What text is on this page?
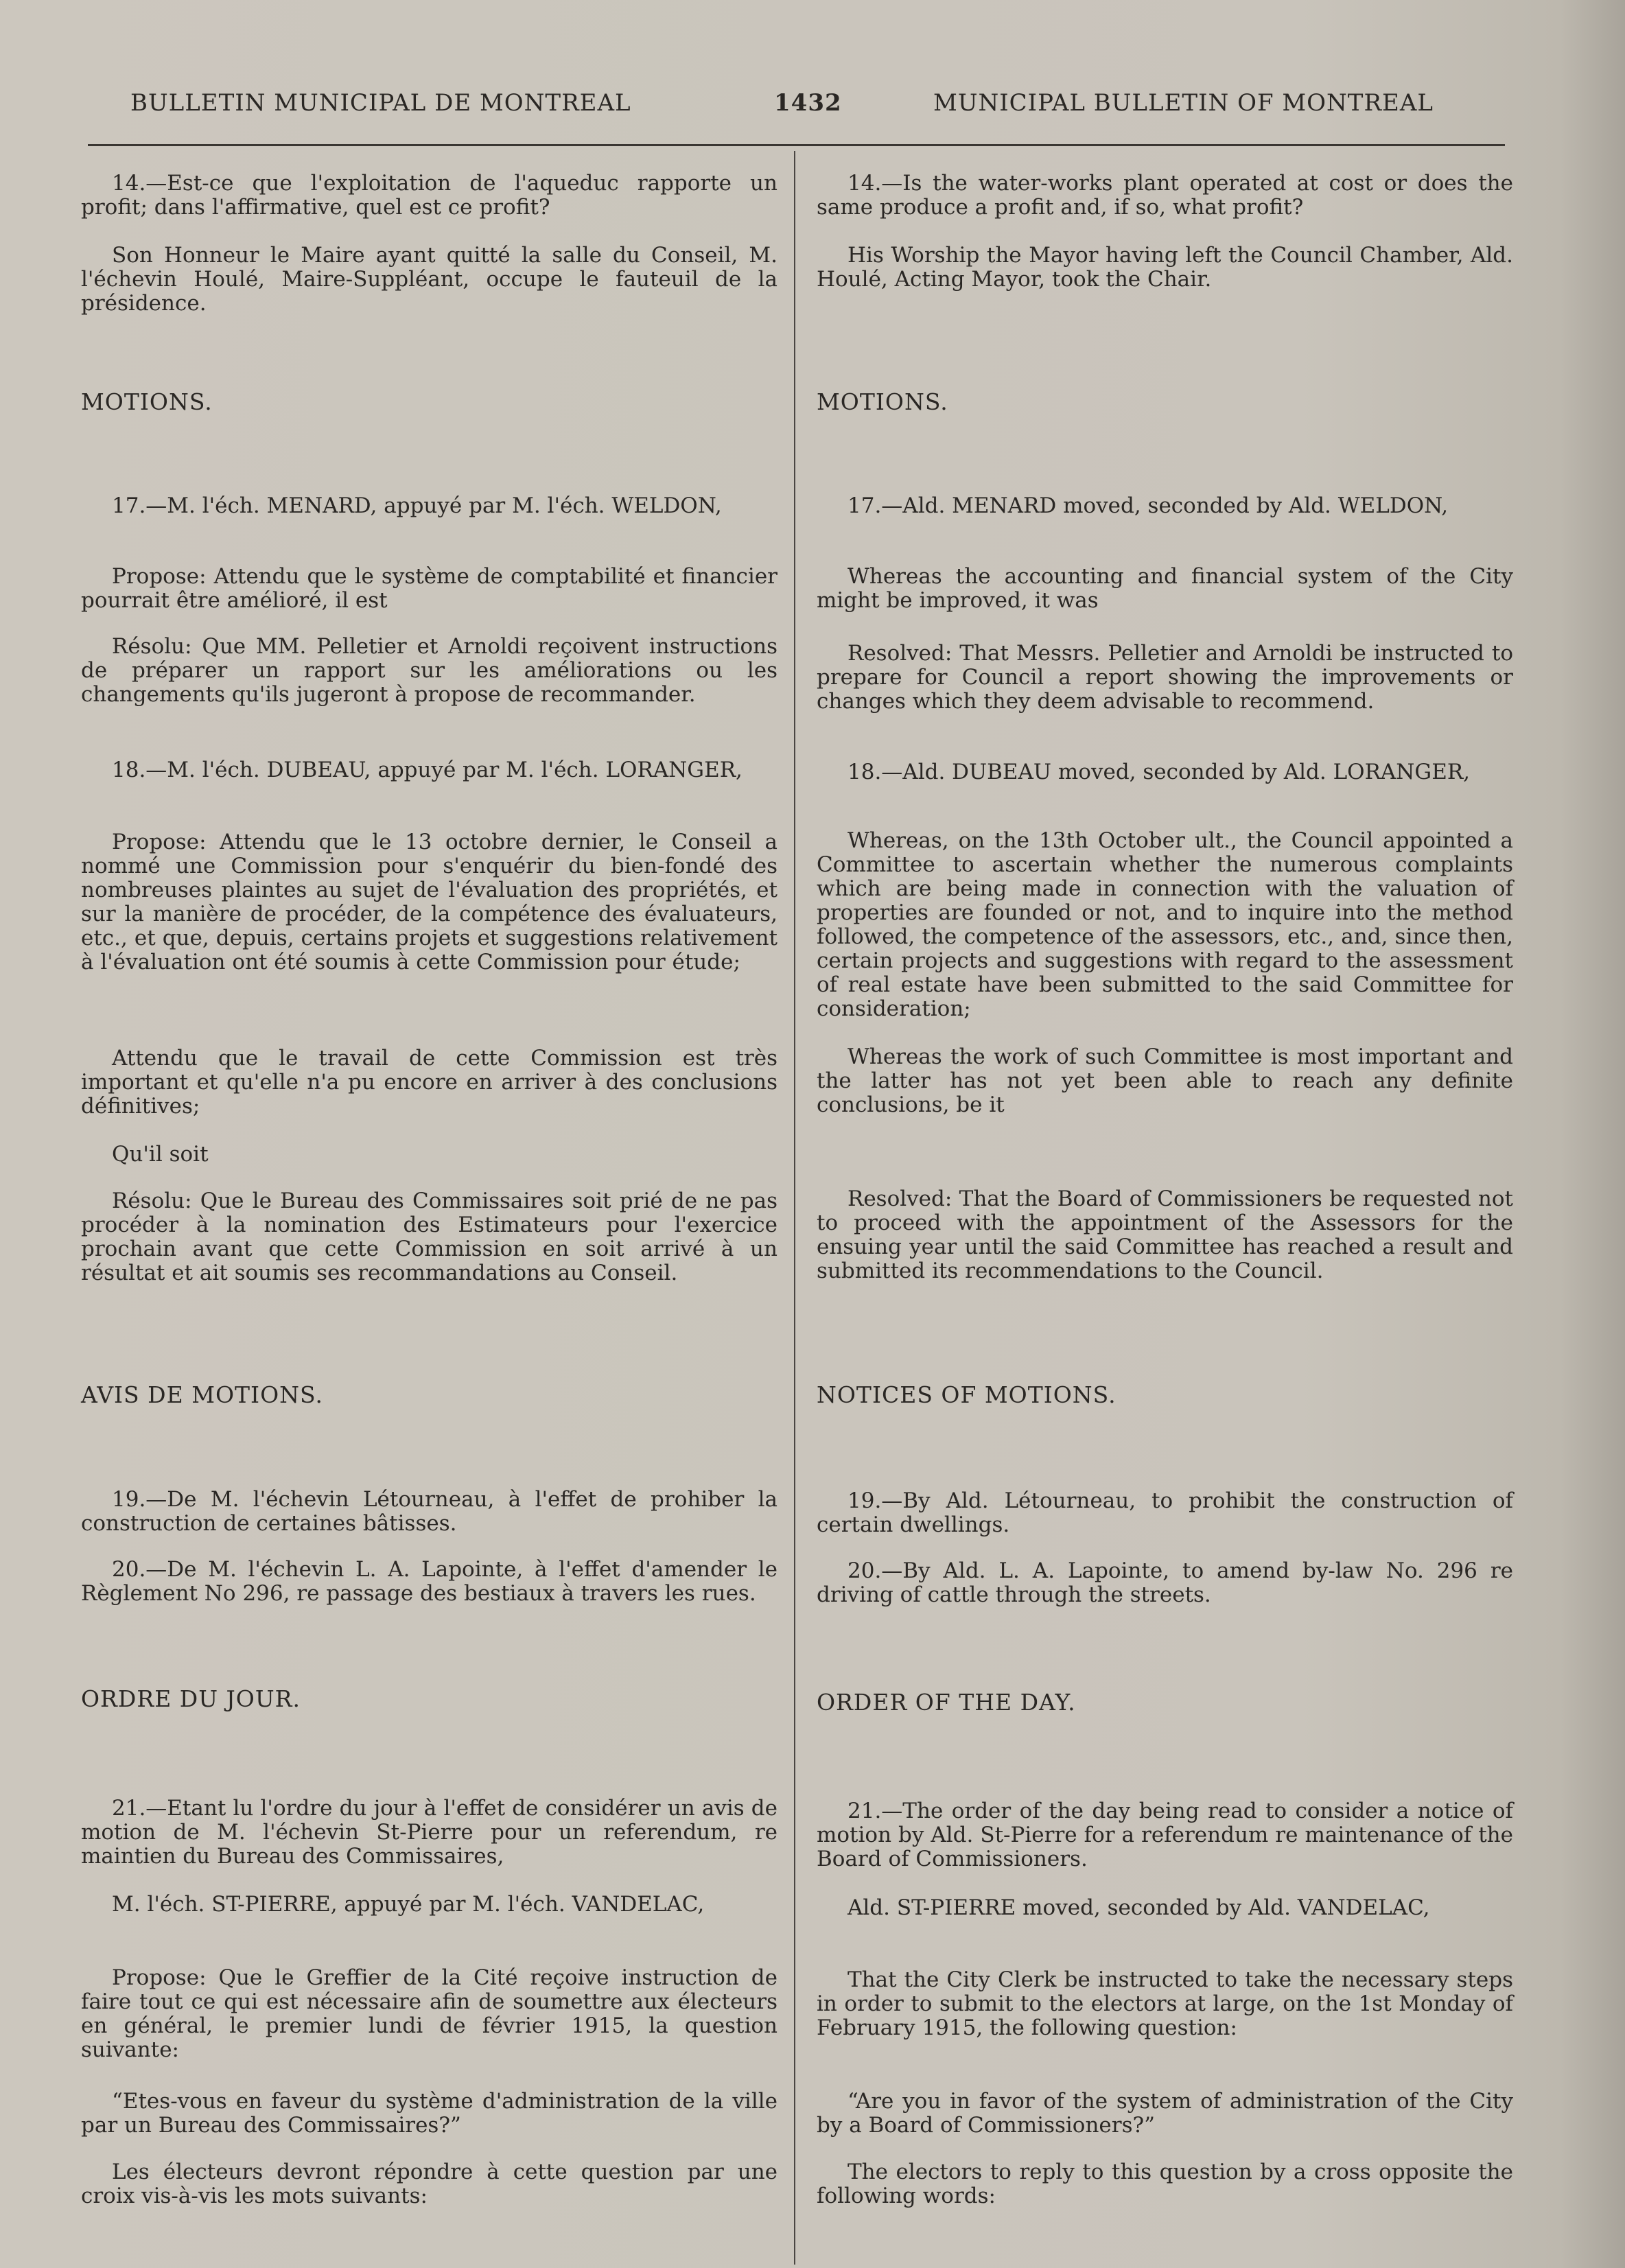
BULLETIN MUNICIPAL DE MONTREAL	1432	MUNICIPAL BULLETIN OF MONTREAL

14.—Est-ce que l'exploitation de l'aqueduc rapporte un profit; dans l'affirmative, quel est ce profit?

Son Honneur le Maire ayant quitté la salle du Conseil, M. l'échevin Houlé, Maire-Suppléant, occupe le fauteuil de la présidence.

MOTIONS.

17.—M. l'éch. MENARD, appuyé par M. l'éch. WELDON,

Propose: Attendu que le système de comptabilité et financier pourrait être amélioré, il est

Résolu: Que MM. Pelletier et Arnoldi reçoivent instructions de préparer un rapport sur les améliorations ou les changements qu'ils jugeront à propose de recommander.

18.—M. l'éch. DUBEAU, appuyé par M. l'éch. LORANGER,

Propose: Attendu que le 13 octobre dernier, le Conseil a nommé une Commission pour s'enquérir du bien-fondé des nombreuses plaintes au sujet de l'évaluation des propriétés, et sur la manière de procéder, de la compétence des évaluateurs, etc., et que, depuis, certains projets et suggestions relativement à l'évaluation ont été soumis à cette Commission pour étude;

Attendu que le travail de cette Commission est très important et qu'elle n'a pu encore en arriver à des conclusions définitives;

Qu'il soit

Résolu: Que le Bureau des Commissaires soit prié de ne pas procéder à la nomination des Estimateurs pour l'exercice prochain avant que cette Commission en soit arrivé à un résultat et ait soumis ses recommandations au Conseil.

AVIS DE MOTIONS.

19.—De M. l'échevin Létourneau, à l'effet de prohiber la construction de certaines bâtisses.

20.—De M. l'échevin L. A. Lapointe, à l'effet d'amender le Règlement No 296, re passage des bestiaux à travers les rues.

ORDRE DU JOUR.

21.—Etant lu l'ordre du jour à l'effet de considérer un avis de motion de M. l'échevin St-Pierre pour un referendum, re maintien du Bureau des Commissaires,

M. l'éch. ST-PIERRE, appuyé par M. l'éch. VANDELAC,

Propose: Que le Greffier de la Cité reçoive instruction de faire tout ce qui est nécessaire afin de soumettre aux électeurs en général, le premier lundi de février 1915, la question suivante:

“Etes-vous en faveur du système d'administration de la ville par un Bureau des Commissaires?”

Les électeurs devront répondre à cette question par une croix vis-à-vis les mots suivants:

14.—Is the water-works plant operated at cost or does the same produce a profit and, if so, what profit?

His Worship the Mayor having left the Council Chamber, Ald. Houlé, Acting Mayor, took the Chair.

MOTIONS.

17.—Ald. MENARD moved, seconded by Ald. WELDON,

Whereas the accounting and financial system of the City might be improved, it was

Resolved: That Messrs. Pelletier and Arnoldi be instructed to prepare for Council a report showing the improvements or changes which they deem advisable to recommend.

18.—Ald. DUBEAU moved, seconded by Ald. LORANGER,

Whereas, on the 13th October ult., the Council appointed a Committee to ascertain whether the numerous complaints which are being made in connection with the valuation of properties are founded or not, and to inquire into the method followed, the competence of the assessors, etc., and, since then, certain projects and suggestions with regard to the assessment of real estate have been submitted to the said Committee for consideration;

Whereas the work of such Committee is most important and the latter has not yet been able to reach any definite conclusions, be it

Resolved: That the Board of Commissioners be requested not to proceed with the appointment of the Assessors for the ensuing year until the said Committee has reached a result and submitted its recommendations to the Council.

NOTICES OF MOTIONS.

19.—By Ald. Létourneau, to prohibit the construction of certain dwellings.

20.—By Ald. L. A. Lapointe, to amend by-law No. 296 re driving of cattle through the streets.

ORDER OF THE DAY.

21.—The order of the day being read to consider a notice of motion by Ald. St-Pierre for a referendum re maintenance of the Board of Commissioners.

Ald. ST-PIERRE moved, seconded by Ald. VANDELAC,

That the City Clerk be instructed to take the necessary steps in order to submit to the electors at large, on the 1st Monday of February 1915, the following question:

“Are you in favor of the system of administration of the City by a Board of Commissioners?”

The electors to reply to this question by a cross opposite the following words:
